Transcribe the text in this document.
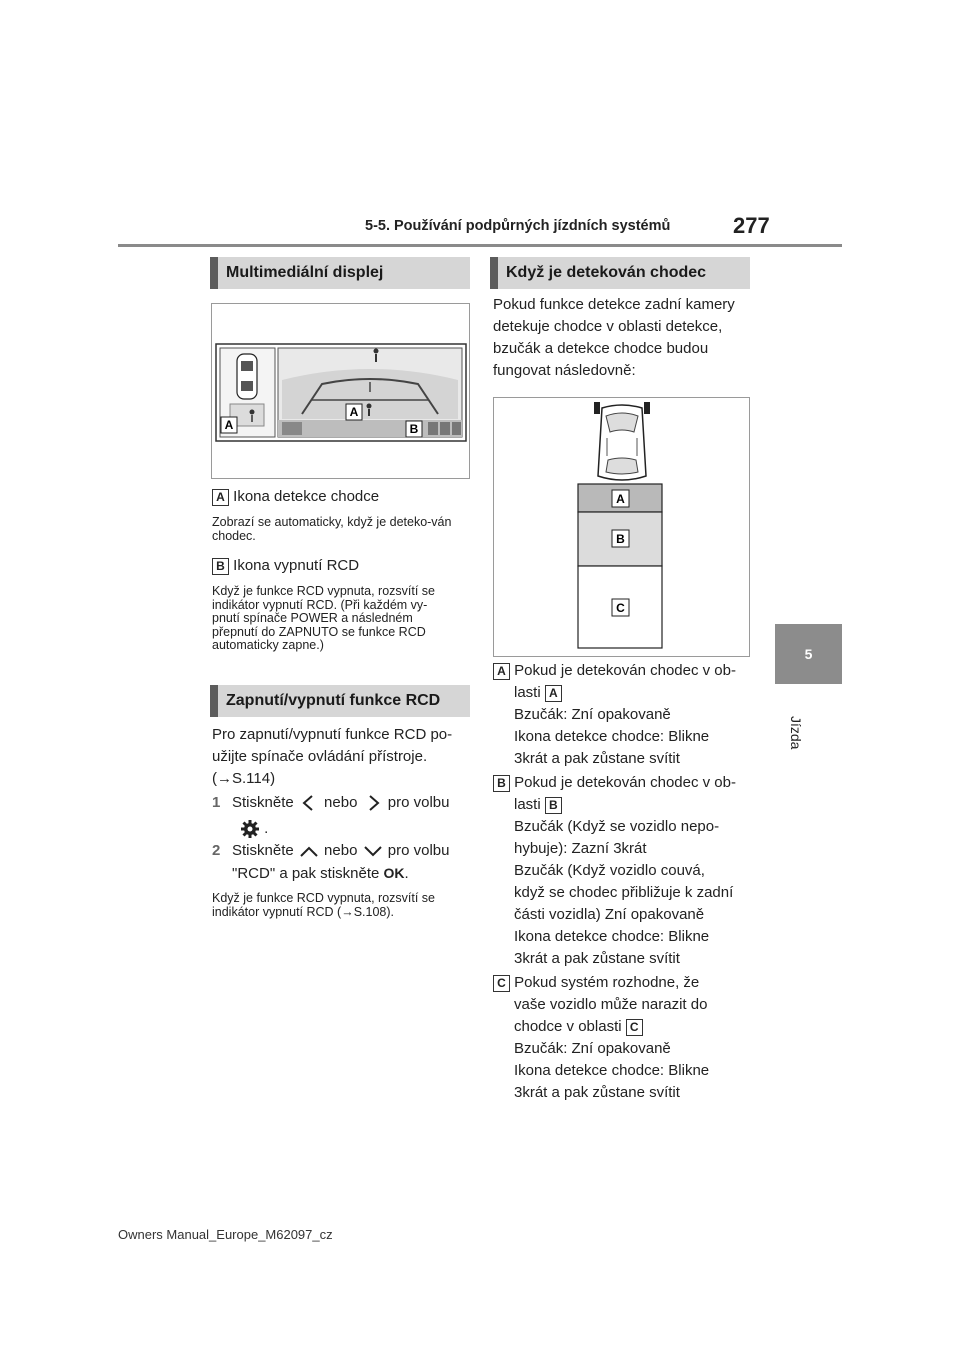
5-5. Používání podpůrných jízdních systémů	277
5
Jízda
Multimediální displej
A
A
B
A Ikona detekce chodce
Zobrazí se automaticky, když je deteko-ván chodec.
B Ikona vypnutí RCD
Když je funkce RCD vypnuta, rozsvítí se
indikátor vypnutí RCD. (Při každém vy-
pnutí spínače POWER a následném
přepnutí do ZAPNUTO se funkce RCD
automaticky zapne.)
Zapnutí/vypnutí funkce RCD
Pro zapnutí/vypnutí funkce RCD po-
užijte spínače ovládání přístroje.
(→S.114)
1 Stiskněte nebo pro volbu
.
2 Stiskněte nebo pro volbu
"RCD" a pak stiskněte OK.
Když je funkce RCD vypnuta, rozsvítí se
indikátor vypnutí RCD (→S.108).
Když je detekován chodec
Pokud funkce detekce zadní kamery
detekuje chodce v oblasti detekce,
bzučák a detekce chodce budou
fungovat následovně:
A
B
C
A Pokud je detekován chodec v ob-
lasti A
Bzučák: Zní opakovaně
Ikona detekce chodce: Blikne
3krát a pak zůstane svítit
B Pokud je detekován chodec v ob-
lasti B
Bzučák (Když se vozidlo nepo-
hybuje): Zazní 3krát
Bzučák (Když vozidlo couvá,
když se chodec přibližuje k zadní
části vozidla) Zní opakovaně
Ikona detekce chodce: Blikne
3krát a pak zůstane svítit
C Pokud systém rozhodne, že
vaše vozidlo může narazit do
chodce v oblasti C
Bzučák: Zní opakovaně
Ikona detekce chodce: Blikne
3krát a pak zůstane svítit
Owners Manual_Europe_M62097_cz
